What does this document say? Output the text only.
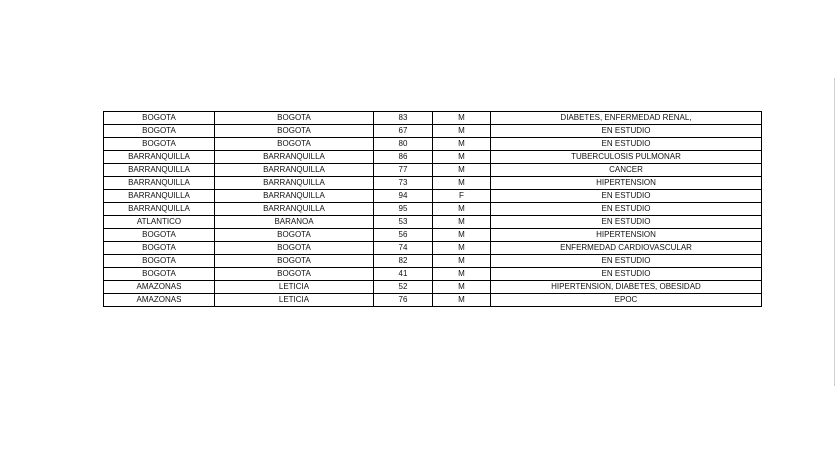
BOGOTA	BOGOTA	83	M	DIABETES, ENFERMEDAD RENAL,
BOGOTA	BOGOTA	67	M	EN ESTUDIO
BOGOTA	BOGOTA	80	M	EN ESTUDIO
BARRANQUILLA	BARRANQUILLA	86	M	TUBERCULOSIS PULMONAR
BARRANQUILLA	BARRANQUILLA	77	M	CANCER
BARRANQUILLA	BARRANQUILLA	73	M	HIPERTENSION
BARRANQUILLA	BARRANQUILLA	94	F	EN ESTUDIO
BARRANQUILLA	BARRANQUILLA	95	M	EN ESTUDIO
ATLANTICO	BARANOA	53	M	EN ESTUDIO
BOGOTA	BOGOTA	56	M	HIPERTENSION
BOGOTA	BOGOTA	74	M	ENFERMEDAD CARDIOVASCULAR
BOGOTA	BOGOTA	82	M	EN ESTUDIO
BOGOTA	BOGOTA	41	M	EN ESTUDIO
AMAZONAS	LETICIA	52	M	HIPERTENSION, DIABETES, OBESIDAD
AMAZONAS	LETICIA	76	M	EPOC
